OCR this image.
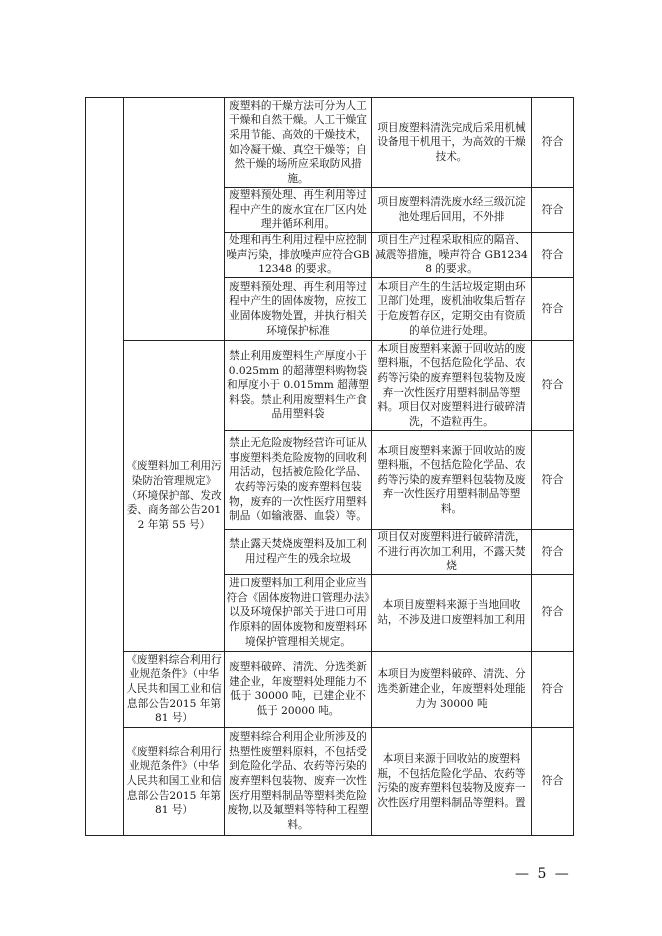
		废塑料的干燥方法可分为人工干燥和自然干燥。人工干燥宜采用节能、高效的干燥技术，如冷凝干燥、真空干燥等；自然干燥的场所应采取防风措施。	项目废塑料清洗完成后采用机械设备甩干机甩干，为高效的干燥技术。	符合
		废塑料预处理、再生利用等过程中产生的废水宜在厂区内处理并循环利用。	项目废塑料清洗废水经三级沉淀池处理后回用，不外排	符合
		处理和再生利用过程中应控制噪声污染，排放噪声应符合GB12348 的要求。	项目生产过程采取相应的隔音、减震等措施，噪声符合 GB12348 的要求。	符合
		废塑料预处理、再生利用等过程中产生的固体废物，应按工业固体废物处置，并执行相关环境保护标准	本项目产生的生活垃圾定期由环卫部门处理，废机油收集后暂存于危废暂存区，定期交由有资质的单位进行处理。	符合
	《废塑料加工利用污染防治管理规定》（环境保护部、发改委、商务部公告2012 年第 55 号）	禁止利用废塑料生产厚度小于 0.025mm 的超薄塑料购物袋和厚度小于 0.015mm 超薄塑料袋。禁止利用废塑料生产食品用塑料袋	本项目废塑料来源于回收站的废塑料瓶，不包括危险化学品、农药等污染的废弃塑料包装物及废弃一次性医疗用塑料制品等塑料。项目仅对废塑料进行破碎清洗，不造粒再生。	符合
		禁止无危险废物经营许可证从事废塑料类危险废物的回收利用活动，包括被危险化学品、农药等污染的废弃塑料包装物，废弃的一次性医疗用塑料制品（如输液器、血袋）等。	本项目废塑料来源于回收站的废塑料瓶，不包括危险化学品、农药等污染的废弃塑料包装物及废弃一次性医疗用塑料制品等塑料。	符合
		禁止露天焚烧废塑料及加工利用过程产生的残余垃圾	项目仅对废塑料进行破碎清洗，不进行再次加工利用，不露天焚烧	符合
		进口废塑料加工利用企业应当符合《固体废物进口管理办法》以及环境保护部关于进口可用作原料的固体废物和废塑料环境保护管理相关规定。	本项目废塑料来源于当地回收站，不涉及进口废塑料加工利用	符合
	《废塑料综合利用行业规范条件》（中华人民共和国工业和信息部公告2015 年第 81 号）	废塑料破碎、清洗、分选类新建企业，年废塑料处理能力不低于 30000 吨，已建企业不低于 20000 吨。	本项目为废塑料破碎、清洗、分选类新建企业，年废塑料处理能力为 30000 吨	符合
	《废塑料综合利用行业规范条件》（中华人民共和国工业和信息部公告2015 年第 81 号）	废塑料综合利用企业所涉及的热塑性废塑料原料，不包括受到危险化学品、农药等污染的废弃塑料包装物、废弃一次性医疗用塑料制品等塑料类危险废物,以及氟塑料等特种工程塑料。	本项目来源于回收站的废塑料瓶，不包括危险化学品、农药等污染的废弃塑料包装物及废弃一次性医疗用塑料制品等塑料。置	符合
— 5 —
